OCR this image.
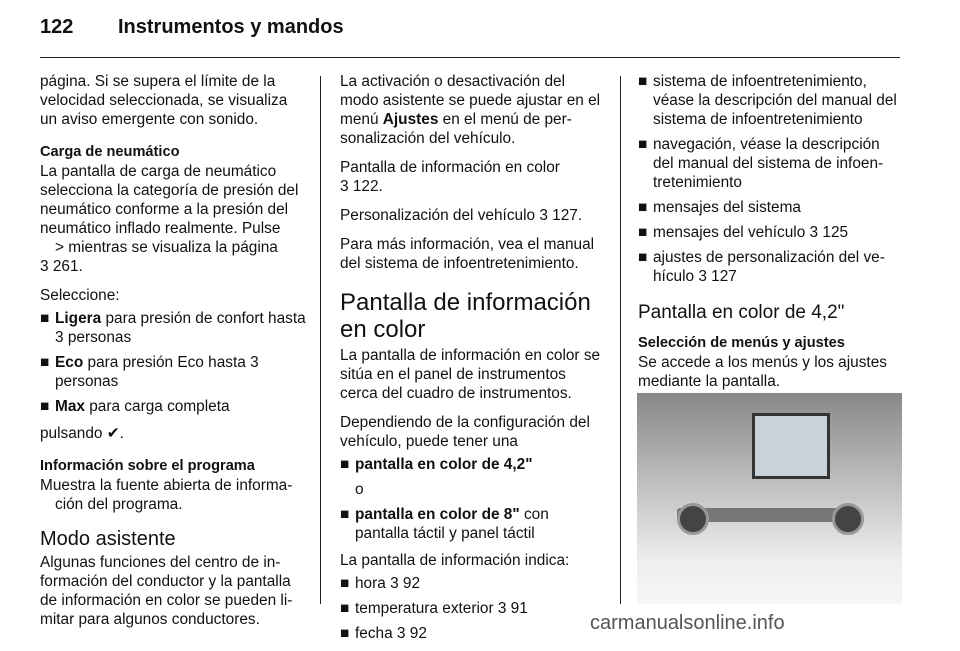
122 Instrumentos y mandos

página. Si se supera el límite de la velocidad seleccionada, se visualiza un aviso emergente con sonido.

Carga de neumático
La pantalla de carga de neumático selecciona la categoría de presión del neumático conforme a la presión del neumático inflado realmente. Pulse
> mientras se visualiza la página

3 261.

Seleccione:
■ Ligera para presión de confort hasta 3 personas
■ Eco para presión Eco hasta 3 personas
■ Max para carga completa

pulsando ✔.

Información sobre el programa
Muestra la fuente abierta de informa-

ción del programa.

Modo asistente

Algunas funciones del centro de in- formación del conductor y la pantalla de información en color se pueden li- mitar para algunos conductores.

La activación o desactivación del modo asistente se puede ajustar en el menú Ajustes en el menú de per- sonalización del vehículo.

Pantalla de información en color

3 122.

Personalización del vehículo 3 127.

Para más información, vea el manual del sistema de infoentretenimiento.

Pantalla de información en color

La pantalla de información en color se sitúa en el panel de instrumentos cerca del cuadro de instrumentos.

Dependiendo de la configuración del vehículo, puede tener una

■ pantalla en color de 4,2"
o
■ pantalla en color de 8" con pantalla táctil y panel táctil
La pantalla de información indica:
■ hora 3 92
■ temperatura exterior 3 91
■ fecha 3 92
■ sistema de infoentretenimiento, véase la descripción del manual del sistema de infoentretenimiento
■ navegación, véase la descripción del manual del sistema de infoen- tretenimiento
■ mensajes del sistema
■ mensajes del vehículo 3 125
■ ajustes de personalización del ve- hículo 3 127
Pantalla en color de 4,2"
Selección de menús y ajustes

Se accede a los menús y los ajustes mediante la pantalla.

carmanualsonline.info
